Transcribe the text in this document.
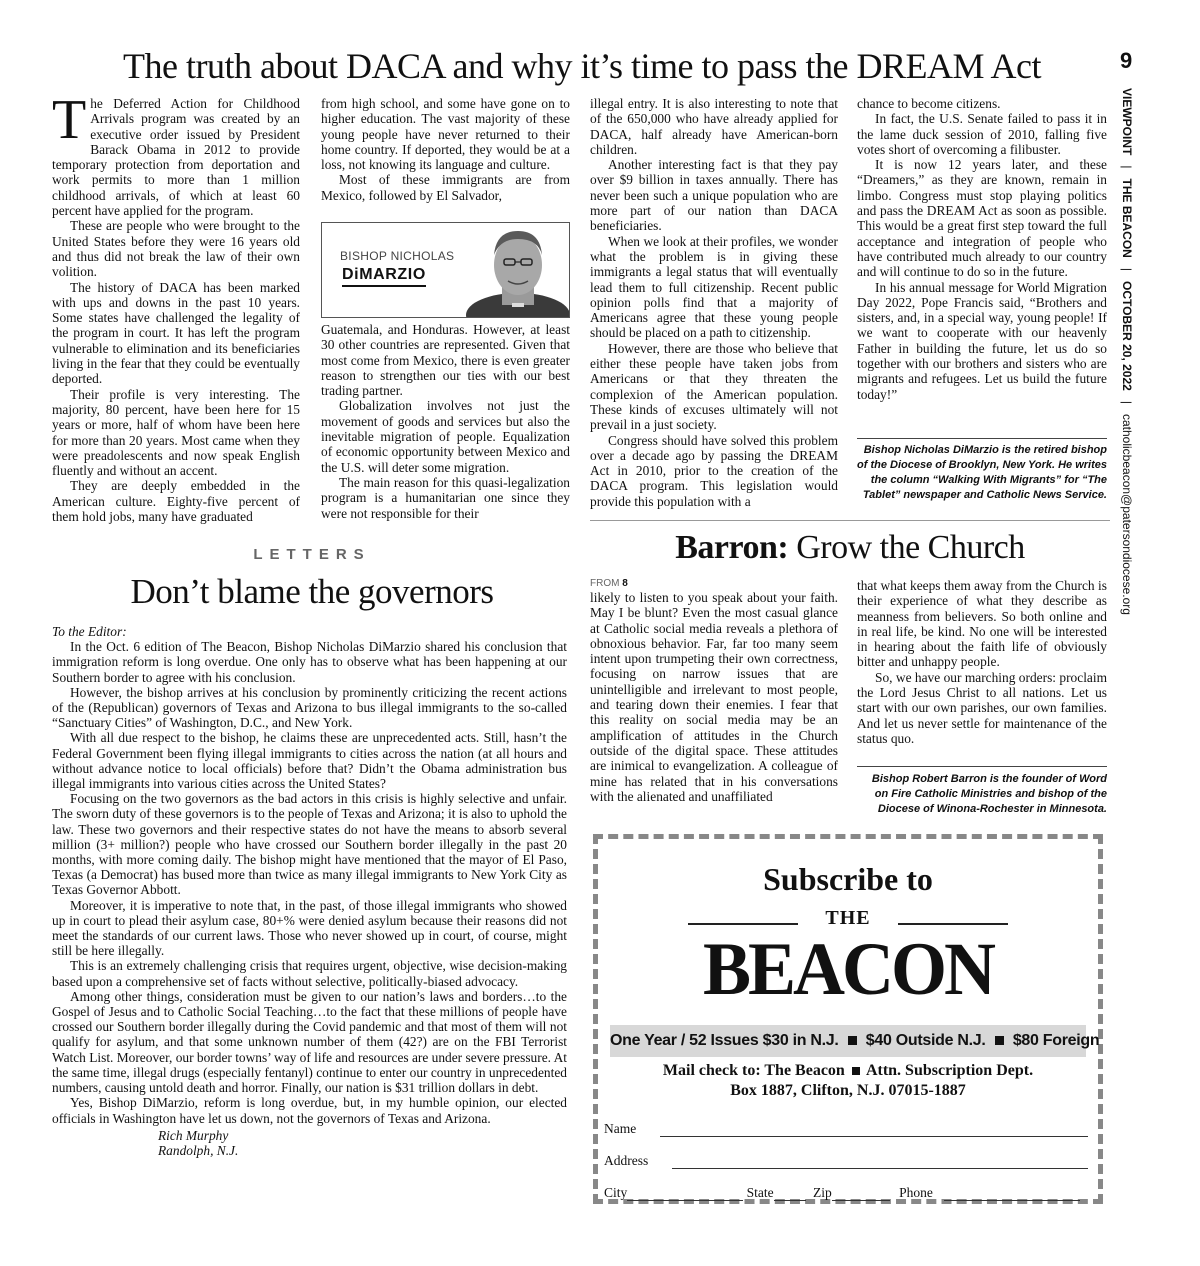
9
VIEWPOINT   |   THE BEACON   |   OCTOBER 20, 2022   |   catholicbeacon@patersondiocese.org
The truth about DACA and why it’s time to pass the DREAM Act
T he Deferred Action for Childhood Arrivals program was created by an executive order issued by President Barack Obama in 2012 to provide temporary protection from deportation and work permits to more than 1 million childhood arrivals, of which at least 60 percent have applied for the program.

These are people who were brought to the United States before they were 16 years old and thus did not break the law of their own volition.

The history of DACA has been marked with ups and downs in the past 10 years. Some states have challenged the legality of the program in court. It has left the program vulnerable to elimination and its beneficiaries living in the fear that they could be eventually deported.

Their profile is very interesting. The majority, 80 percent, have been here for 15 years or more, half of whom have been here for more than 20 years. Most came when they were preadolescents and now speak English fluently and without an accent.

They are deeply embedded in the American culture. Eighty-five percent of them hold jobs, many have graduated

from high school, and some have gone on to higher education. The vast majority of these young people have never returned to their home country. If deported, they would be at a loss, not knowing its language and culture.

Most of these immigrants are from Mexico, followed by El Salvador,

BISHOP NICHOLAS
DiMARZIO

Guatemala, and Honduras. However, at least 30 other countries are represented. Given that most come from Mexico, there is even greater reason to strengthen our ties with our best trading partner.

Globalization involves not just the movement of goods and services but also the inevitable migration of people. Equalization of economic opportunity between Mexico and the U.S. will deter some migration.

The main reason for this quasi-legalization program is a humanitarian one since they were not responsible for their

illegal entry. It is also interesting to note that of the 650,000 who have already applied for DACA, half already have American-born children.

Another interesting fact is that they pay over $9 billion in taxes annually. There has never been such a unique population who are more part of our nation than DACA beneficiaries.

When we look at their profiles, we wonder what the problem is in giving these immigrants a legal status that will eventually lead them to full citizenship. Recent public opinion polls find that a majority of Americans agree that these young people should be placed on a path to citizenship.

However, there are those who believe that either these people have taken jobs from Americans or that they threaten the complexion of the American population. These kinds of excuses ultimately will not prevail in a just society.

Congress should have solved this problem over a decade ago by passing the DREAM Act in 2010, prior to the creation of the DACA program. This legislation would provide this population with a

chance to become citizens.

In fact, the U.S. Senate failed to pass it in the lame duck session of 2010, falling five votes short of overcoming a filibuster.

It is now 12 years later, and these “Dreamers,” as they are known, remain in limbo. Congress must stop playing politics and pass the DREAM Act as soon as possible. This would be a great first step toward the full acceptance and integration of people who have contributed much already to our country and will continue to do so in the future.

In his annual message for World Migration Day 2022, Pope Francis said, “Brothers and sisters, and, in a special way, young people! If we want to cooperate with our heavenly Father in building the future, let us do so together with our brothers and sisters who are migrants and refugees. Let us build the future today!”

Bishop Nicholas DiMarzio is the retired bishop of the Diocese of Brooklyn, New York. He writes the column “Walking With Migrants” for “The Tablet” newspaper and Catholic News Service.
LETTERS
Don’t blame the governors

To the Editor:

In the Oct. 6 edition of The Beacon, Bishop Nicholas DiMarzio shared his conclusion that immigration reform is long overdue. One only has to observe what has been happening at our Southern border to agree with his conclusion.

However, the bishop arrives at his conclusion by prominently criticizing the recent actions of the (Republican) governors of Texas and Arizona to bus illegal immigrants to the so-called “Sanctuary Cities” of Washington, D.C., and New York.

With all due respect to the bishop, he claims these are unprecedented acts. Still, hasn’t the Federal Government been flying illegal immigrants to cities across the nation (at all hours and without advance notice to local officials) before that? Didn’t the Obama administration bus illegal immigrants into various cities across the United States?

Focusing on the two governors as the bad actors in this crisis is highly selective and unfair. The sworn duty of these governors is to the people of Texas and Arizona; it is also to uphold the law. These two governors and their respective states do not have the means to absorb several million (3+ million?) people who have crossed our Southern border illegally in the past 20 months, with more coming daily. The bishop might have mentioned that the mayor of El Paso, Texas (a Democrat) has bused more than twice as many illegal immigrants to New York City as Texas Governor Abbott.

Moreover, it is imperative to note that, in the past, of those illegal immigrants who showed up in court to plead their asylum case, 80+% were denied asylum because their reasons did not meet the standards of our current laws. Those who never showed up in court, of course, might still be here illegally.

This is an extremely challenging crisis that requires urgent, objective, wise decision-making based upon a comprehensive set of facts without selective, politically-biased advocacy.

Among other things, consideration must be given to our nation’s laws and borders…to the Gospel of Jesus and to Catholic Social Teaching…to the fact that these millions of people have crossed our Southern border illegally during the Covid pandemic and that most of them will not qualify for asylum, and that some unknown number of them (42?) are on the FBI Terrorist Watch List. Moreover, our border towns’ way of life and resources are under severe pressure. At the same time, illegal drugs (especially fentanyl) continue to enter our country in unprecedented numbers, causing untold death and horror. Finally, our nation is $31 trillion dollars in debt.

Yes, Bishop DiMarzio, reform is long overdue, but, in my humble opinion, our elected officials in Washington have let us down, not the governors of Texas and Arizona.

Rich Murphy

Randolph, N.J.

Barron: Grow the Church

FROM 8

likely to listen to you speak about your faith. May I be blunt? Even the most casual glance at Catholic social media reveals a plethora of obnoxious behavior. Far, far too many seem intent upon trumpeting their own correctness, focusing on narrow issues that are unintelligible and irrelevant to most people, and tearing down their enemies. I fear that this reality on social media may be an amplification of attitudes in the Church outside of the digital space. These attitudes are inimical to evangelization. A colleague of mine has related that in his conversations with the alienated and unaffiliated

that what keeps them away from the Church is their experience of what they describe as meanness from believers. So both online and in real life, be kind. No one will be interested in hearing about the faith life of obviously bitter and unhappy people.

So, we have our marching orders: proclaim the Lord Jesus Christ to all nations. Let us start with our own parishes, our own families. And let us never settle for maintenance of the status quo.

Bishop Robert Barron is the founder of Word on Fire Catholic Ministries and bishop of the Diocese of Winona-Rochester in Minnesota.
Subscribe to
THE
BEACON
One Year / 52 Issues $30 in N.J. $40 Outside N.J. $80 Foreign
Mail check to: The Beacon Attn. Subscription Dept.
Box 1887, Clifton, N.J. 07015-1887
Name
Address
City	State	Zip	Phone
